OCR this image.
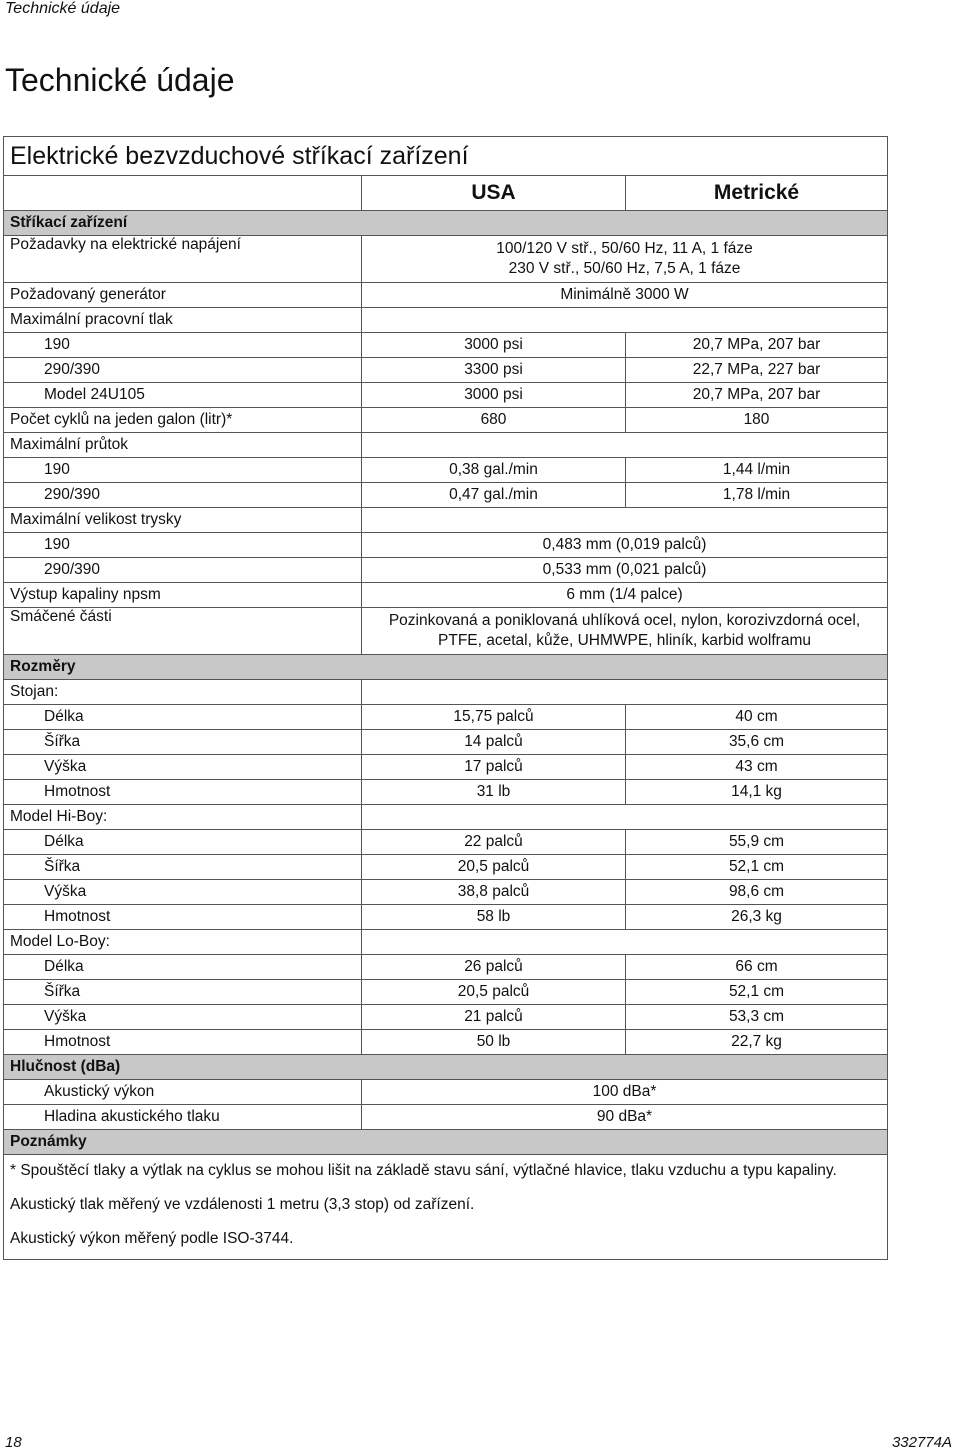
Technické údaje
Technické údaje
Elektrické bezvzduchové stříkací zařízení		
	USA	Metrické
Stříkací zařízení		
Požadavky na elektrické napájení	100/120 V stř., 50/60 Hz, 11 A, 1 fáze
230 V stř., 50/60 Hz, 7,5 A, 1 fáze	

Požadovaný generátor	Minimálně 3000 W	
Maximální pracovní tlak		
190	3000 psi	20,7 MPa, 207 bar
290/390	3300 psi	22,7 MPa, 227 bar
Model 24U105	3000 psi	20,7 MPa, 207 bar
Počet cyklů na jeden galon (litr)*	680	180
Maximální průtok		
190	0,38 gal./min	1,44 l/min
290/390	0,47 gal./min	1,78 l/min
Maximální velikost trysky		
190	0,483 mm (0,019 palců)	
290/390	0,533 mm (0,021 palců)	
Výstup kapaliny npsm	6 mm (1/4 palce)	
Smáčené části	Pozinkovaná a poniklovaná uhlíková ocel, nylon, korozivzdorná ocel,
PTFE, acetal, kůže, UHMWPE, hliník, karbid wolframu	

Rozměry		
Stojan:		
Délka	15,75 palců	40 cm
Šířka	14 palců	35,6 cm
Výška	17 palců	43 cm
Hmotnost	31 lb	14,1 kg
Model Hi-Boy:		
Délka	22 palců	55,9 cm
Šířka	20,5 palců	52,1 cm
Výška	38,8 palců	98,6 cm
Hmotnost	58 lb	26,3 kg
Model Lo-Boy:		
Délka	26 palců	66 cm
Šířka	20,5 palců	52,1 cm
Výška	21 palců	53,3 cm
Hmotnost	50 lb	22,7 kg
Hlučnost (dBa)		
Akustický výkon	100 dBa*	
Hladina akustického tlaku	90 dBa*	
Poznámky		

* Spouštěcí tlaky a výtlak na cyklus se mohou lišit na základě stavu sání, výtlačné hlavice, tlaku vzduchu a typu kapaliny.

Akustický tlak měřený ve vzdálenosti 1 metru (3,3 stop) od zařízení.

Akustický výkon měřený podle ISO-3744.		

18	332774A
